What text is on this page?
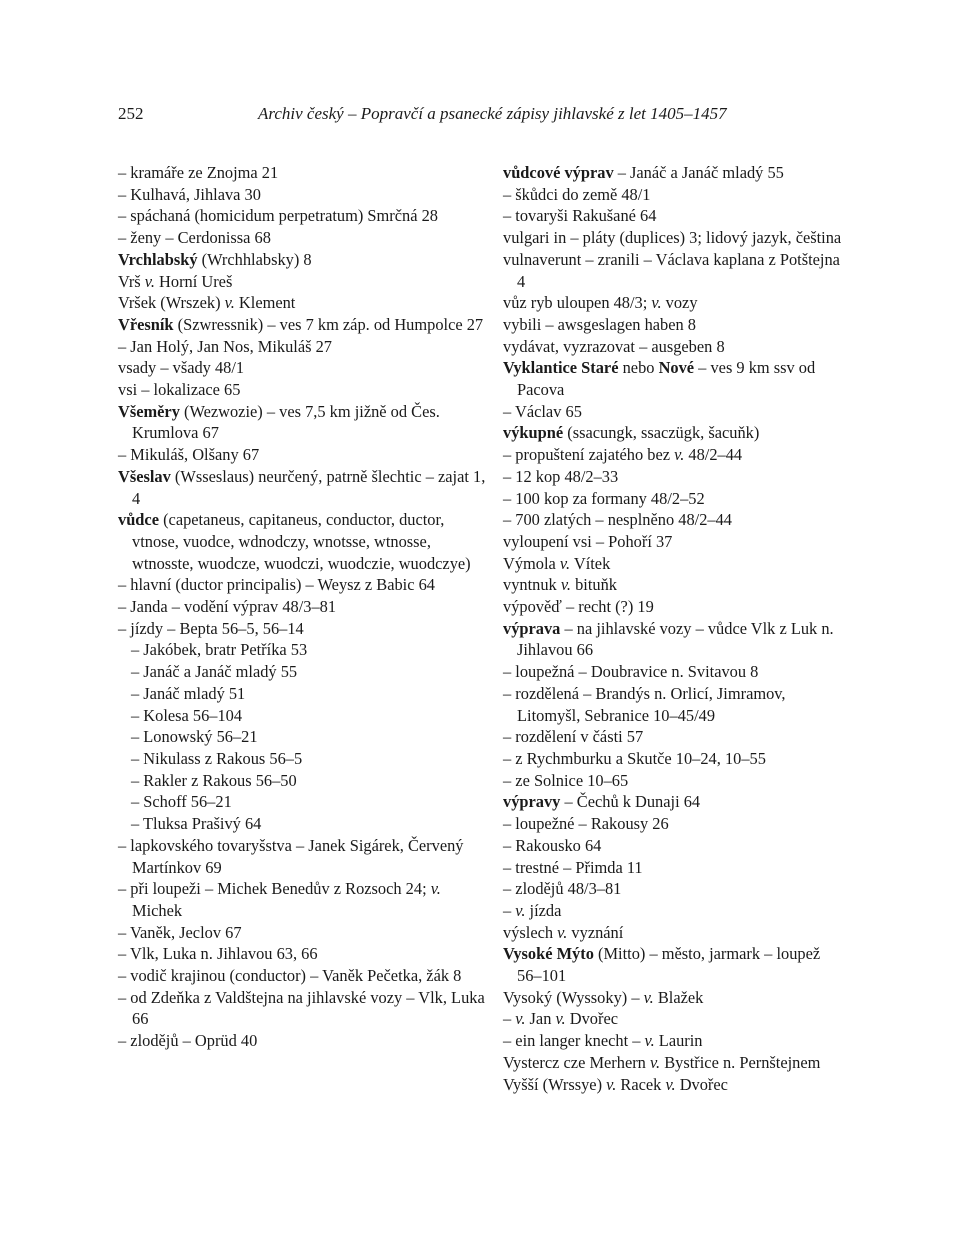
252	Archiv český – Popravčí a psanecké zápisy jihlavské z let 1405–1457
– kramáře ze Znojma 21
– Kulhavá, Jihlava 30
– spáchaná (homicidum perpetratum) Smrčná 28
– ženy – Cerdonissa 68
Vrchlabský (Wrchhlabsky) 8
Vrš v. Horní Ureš
Vršek (Wrszek) v. Klement
Vřesník (Szwressnik) – ves 7 km záp. od Humpolce 27
– Jan Holý, Jan Nos, Mikuláš 27
vsady – všady 48/1
vsi – lokalizace 65
Všeměry (Wezwozie) – ves 7,5 km jižně od Čes. Krumlova 67
– Mikuláš, Olšany 67
Všeslav (Wsseslaus) neurčený, patrně šlechtic – zajat 1, 4
vůdce (capetaneus, capitaneus, conductor, ductor, vtnose, vuodce, wdnodczy, wnotsse, wtnosse, wtnosste, wuodcze, wuodczi, wuodczie, wuodczye)
– hlavní (ductor principalis) – Weysz z Babic 64
– Janda – vodění výprav 48/3–81
– jízdy – Bepta 56–5, 56–14
– Jakóbek, bratr Petříka 53
– Janáč a Janáč mladý 55
– Janáč mladý 51
– Kolesa 56–104
– Lonowský 56–21
– Nikulass z Rakous 56–5
– Rakler z Rakous 56–50
– Schoff 56–21
– Tluksa Prašivý 64
– lapkovského tovaryšstva – Janek Sigárek, Červený Martínkov 69
– při loupeži – Michek Benedův z Rozsoch 24; v. Michek
– Vaněk, Jeclov 67
– Vlk, Luka n. Jihlavou 63, 66
– vodič krajinou (conductor) – Vaněk Pečetka, žák 8
– od Zdeňka z Valdštejna na jihlavské vozy – Vlk, Luka 66
– zlodějů – Oprüd 40
vůdcové výprav – Janáč a Janáč mladý 55
– škůdci do země 48/1
– tovaryši Rakušané 64
vulgari in – pláty (duplices) 3; lidový jazyk, čeština
vulnaverunt – zranili – Václava kaplana z Potštejna 4
vůz ryb uloupen 48/3; v. vozy
vybili – awsgeslagen haben 8
vydávat, vyzrazovat – ausgeben 8
Vyklantice Staré nebo Nové – ves 9 km ssv od Pacova
– Václav 65
výkupné (ssacungk, ssaczügk, šacuňk)
– propuštení zajatého bez v. 48/2–44
– 12 kop 48/2–33
– 100 kop za formany 48/2–52
– 700 zlatých – nesplněno 48/2–44
vyloupení vsi – Pohoří 37
Výmola v. Vítek
vyntnuk v. bituňk
výpověď – recht (?) 19
výprava – na jihlavské vozy – vůdce Vlk z Luk n. Jihlavou 66
– loupežná – Doubravice n. Svitavou 8
– rozdělená – Brandýs n. Orlicí, Jimramov, Litomyšl, Sebranice 10–45/49
– rozdělení v části 57
– z Rychmburku a Skutče 10–24, 10–55
– ze Solnice 10–65
výpravy – Čechů k Dunaji 64
– loupežné – Rakousy 26
– Rakousko 64
– trestné – Přimda 11
– zlodějů 48/3–81
– v. jízda
výslech v. vyznání
Vysoké Mýto (Mitto) – město, jarmark – loupež 56–101
Vysoký (Wyssoky) – v. Blažek
– v. Jan v. Dvořec
– ein langer knecht – v. Laurin
Vystercz cze Merhern v. Bystřice n. Pernštejnem
Vyšší (Wrssye) v. Racek v. Dvořec
